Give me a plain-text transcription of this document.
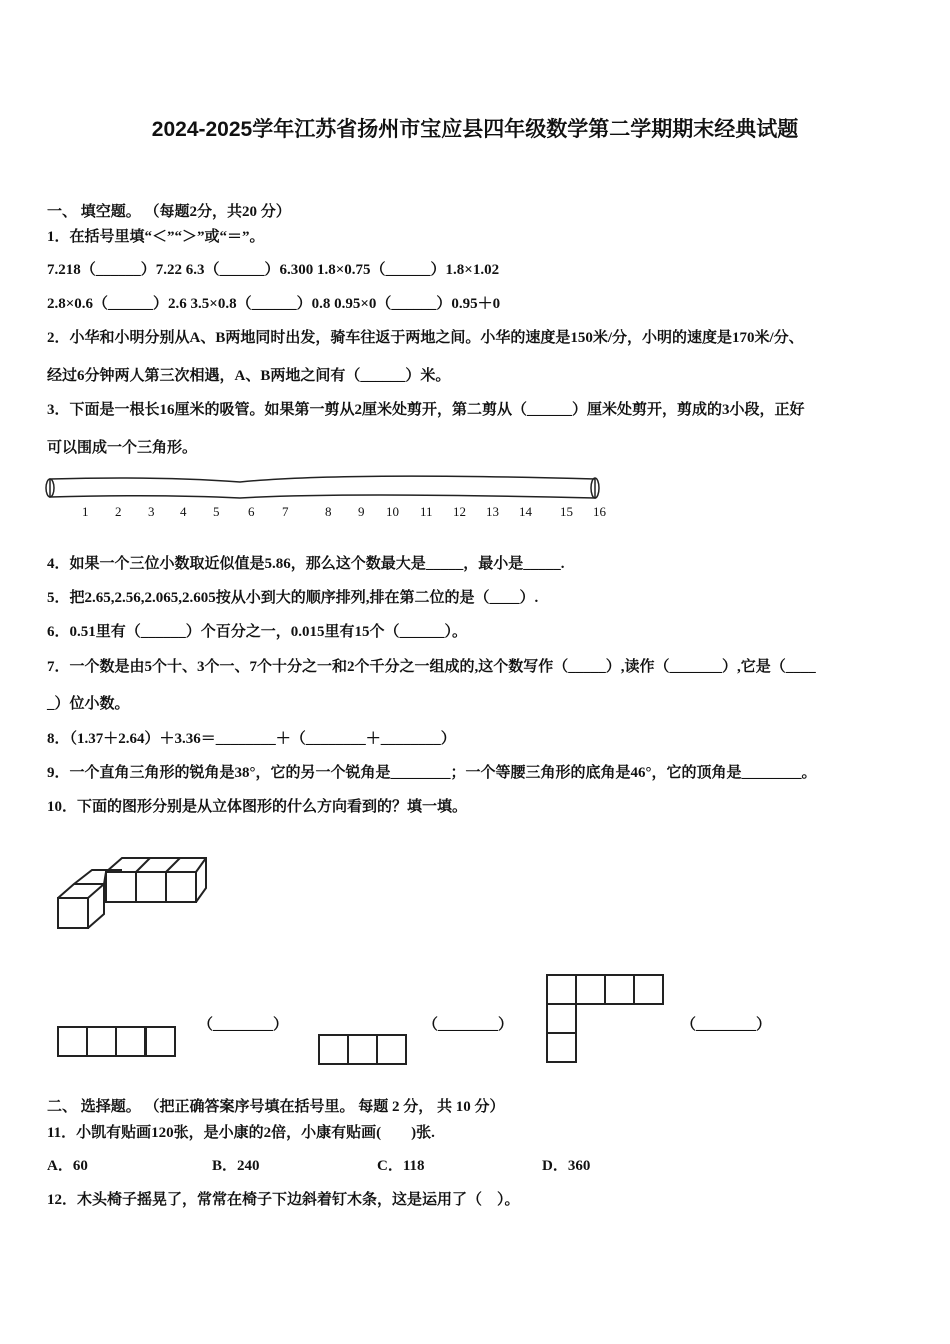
2024-2025学年江苏省扬州市宝应县四年级数学第二学期期末经典试题
一、 填空题。 （每题2分，共20 分）
1．在括号里填“＜”“＞”或“＝”。
7.218（______）7.22 6.3（______）6.300 1.8×0.75（______）1.8×1.02
2.8×0.6（______）2.6 3.5×0.8（______）0.8 0.95×0（______）0.95＋0
2．小华和小明分别从A、B两地同时出发，骑车往返于两地之间。小华的速度是150米/分，小明的速度是170米/分、
经过6分钟两人第三次相遇，A、B两地之间有（______）米。
3．下面是一根长16厘米的吸管。如果第一剪从2厘米处剪开，第二剪从（______）厘米处剪开，剪成的3小段，正好
可以围成一个三角形。
1 2 3 4 5 6 7	8 9 10 11 12 13 14 15 16
4．如果一个三位小数取近似值是5.86，那么这个数最大是_____，最小是_____.
5．把2.65,2.56,2.065,2.605按从小到大的顺序排列,排在第二位的是（____）.
6．0.51里有（______）个百分之一，0.015里有15个（______）。
7．一个数是由5个十、3个一、7个十分之一和2个千分之一组成的,这个数写作（_____）,读作（_______）,它是（____
_）位小数。
8．（1.37＋2.64）＋3.36＝________＋（________＋________）
9．一个直角三角形的锐角是38°，它的另一个锐角是________；一个等腰三角形的底角是46°，它的顶角是________。
10．下面的图形分别是从立体图形的什么方向看到的？填一填。
（________）	（________）	（________）
二、 选择题。 （把正确答案序号填在括号里。 每题 2 分， 共 10 分）
11．小凯有贴画120张，是小康的2倍，小康有贴画(　　)张.
A．60	B．240	C．118	D．360
12．木头椅子摇晃了，常常在椅子下边斜着钉木条，这是运用了（　）。
